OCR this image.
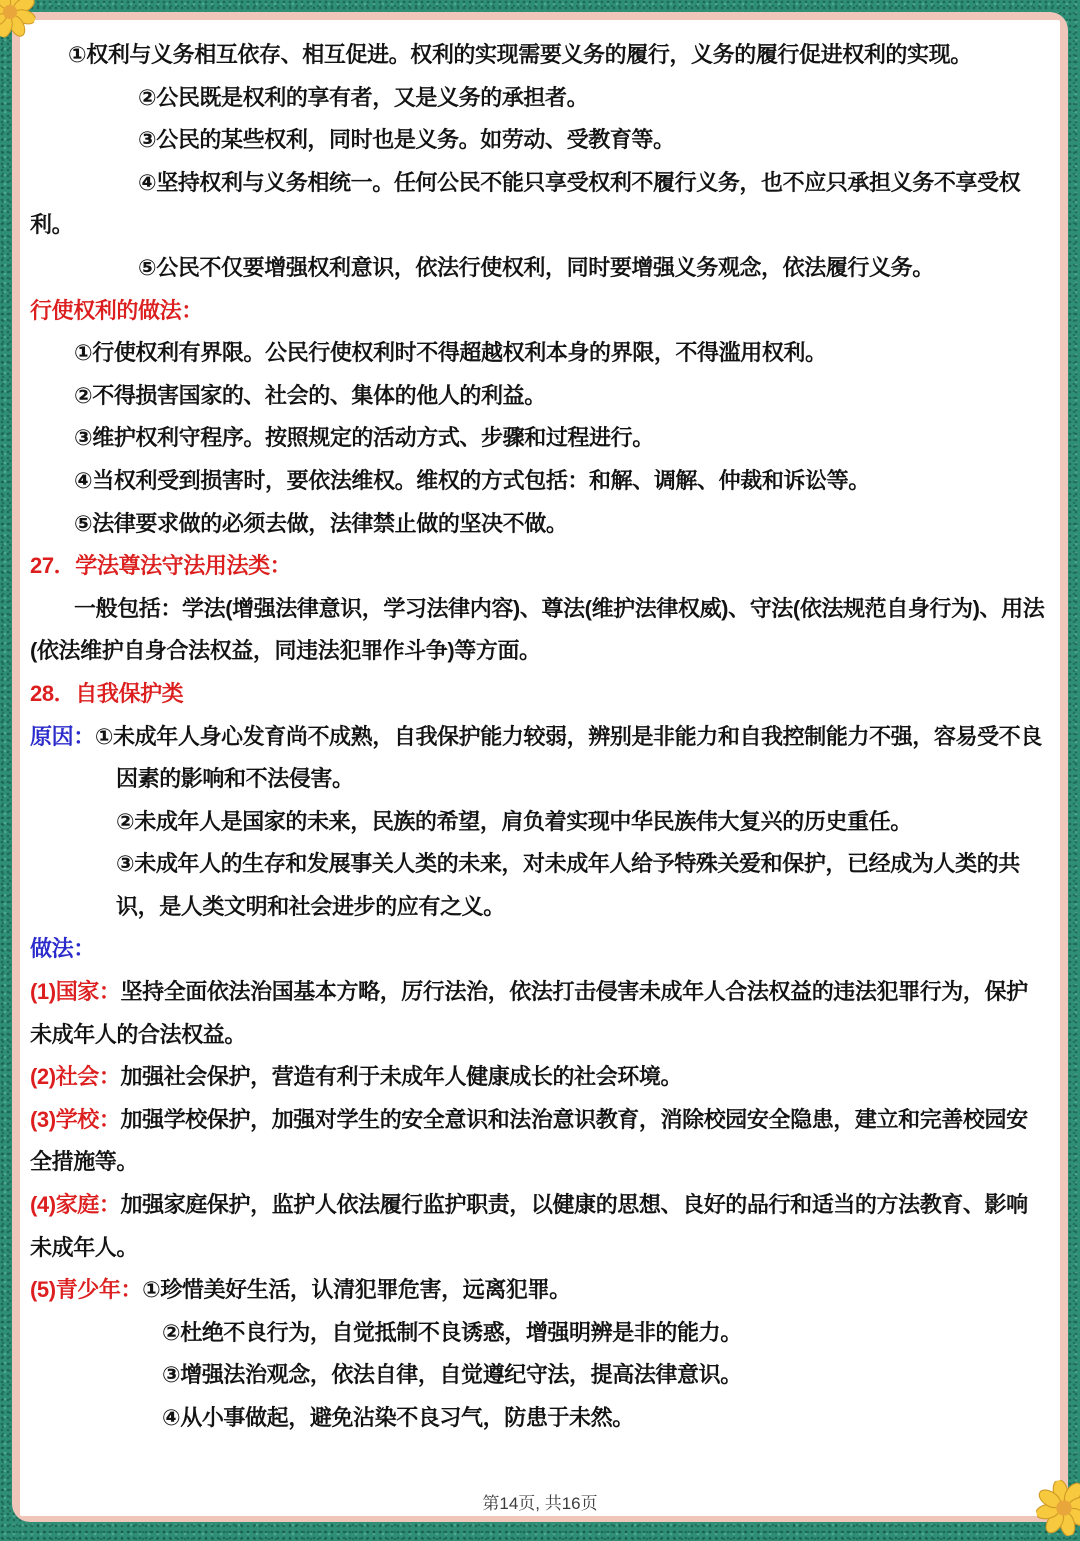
①权利与义务相互依存、相互促进。权利的实现需要义务的履行，义务的履行促进权利的实现。

②公民既是权利的享有者，又是义务的承担者。

③公民的某些权利，同时也是义务。如劳动、受教育等。

④坚持权利与义务相统一。任何公民不能只享受权利不履行义务，也不应只承担义务不享受权利。

⑤公民不仅要增强权利意识，依法行使权利，同时要增强义务观念，依法履行义务。

行使权利的做法：

①行使权利有界限。公民行使权利时不得超越权利本身的界限，不得滥用权利。

②不得损害国家的、社会的、集体的他人的利益。

③维护权利守程序。按照规定的活动方式、步骤和过程进行。

④当权利受到损害时，要依法维权。维权的方式包括：和解、调解、仲裁和诉讼等。

⑤法律要求做的必须去做，法律禁止做的坚决不做。

27．学法尊法守法用法类：

一般包括：学法(增强法律意识，学习法律内容)、尊法(维护法律权威)、守法(依法规范自身行为)、用法(依法维护自身合法权益，同违法犯罪作斗争)等方面。

28．自我保护类

原因：①未成年人身心发育尚不成熟，自我保护能力较弱，辨别是非能力和自我控制能力不强，容易受不良因素的影响和不法侵害。

②未成年人是国家的未来，民族的希望，肩负着实现中华民族伟大复兴的历史重任。

③未成年人的生存和发展事关人类的未来，对未成年人给予特殊关爱和保护，已经成为人类的共识，是人类文明和社会进步的应有之义。

做法：

(1)国家：坚持全面依法治国基本方略，厉行法治，依法打击侵害未成年人合法权益的违法犯罪行为，保护未成年人的合法权益。

(2)社会：加强社会保护，营造有利于未成年人健康成长的社会环境。

(3)学校：加强学校保护，加强对学生的安全意识和法治意识教育，消除校园安全隐患，建立和完善校园安全措施等。

(4)家庭：加强家庭保护，监护人依法履行监护职责，以健康的思想、良好的品行和适当的方法教育、影响未成年人。

(5)青少年：①珍惜美好生活，认清犯罪危害，远离犯罪。

②杜绝不良行为，自觉抵制不良诱惑，增强明辨是非的能力。

③增强法治观念，依法自律，自觉遵纪守法，提高法律意识。

④从小事做起，避免沾染不良习气，防患于未然。

第14页, 共16页
